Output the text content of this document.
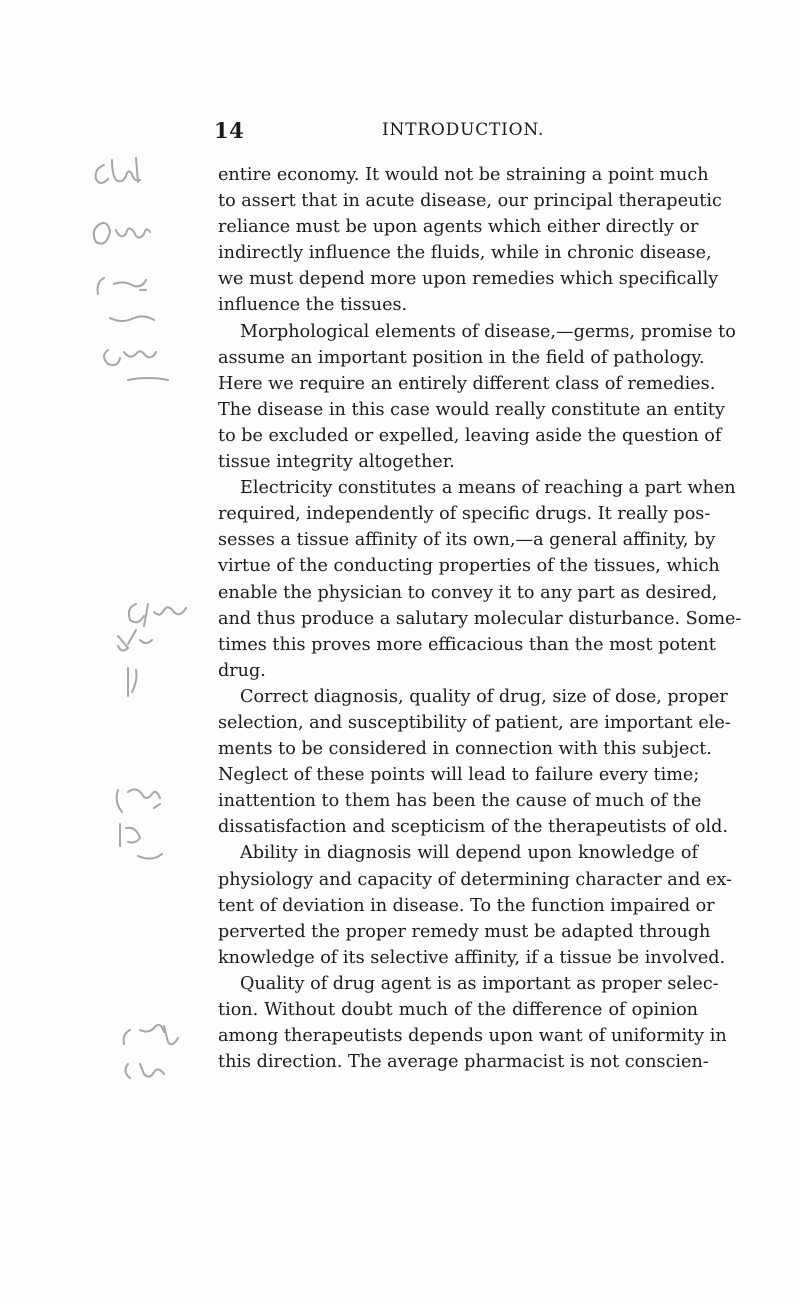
14	INTRODUCTION.
entire economy. It would not be straining a point much
to assert that in acute disease, our principal therapeutic
reliance must be upon agents which either directly or
indirectly influence the fluids, while in chronic disease,
we must depend more upon remedies which specifically
influence the tissues.
Morphological elements of disease,—germs, promise to
assume an important position in the field of pathology.
Here we require an entirely different class of remedies.
The disease in this case would really constitute an entity
to be excluded or expelled, leaving aside the question of
tissue integrity altogether.
Electricity constitutes a means of reaching a part when
required, independently of specific drugs. It really pos-
sesses a tissue affinity of its own,—a general affinity, by
virtue of the conducting properties of the tissues, which
enable the physician to convey it to any part as desired,
and thus produce a salutary molecular disturbance. Some-
times this proves more efficacious than the most potent
drug.
Correct diagnosis, quality of drug, size of dose, proper
selection, and susceptibility of patient, are important ele-
ments to be considered in connection with this subject.
Neglect of these points will lead to failure every time;
inattention to them has been the cause of much of the
dissatisfaction and scepticism of the therapeutists of old.
Ability in diagnosis will depend upon knowledge of
physiology and capacity of determining character and ex-
tent of deviation in disease. To the function impaired or
perverted the proper remedy must be adapted through
knowledge of its selective affinity, if a tissue be involved.
Quality of drug agent is as important as proper selec-
tion. Without doubt much of the difference of opinion
among therapeutists depends upon want of uniformity in
this direction. The average pharmacist is not conscien-
